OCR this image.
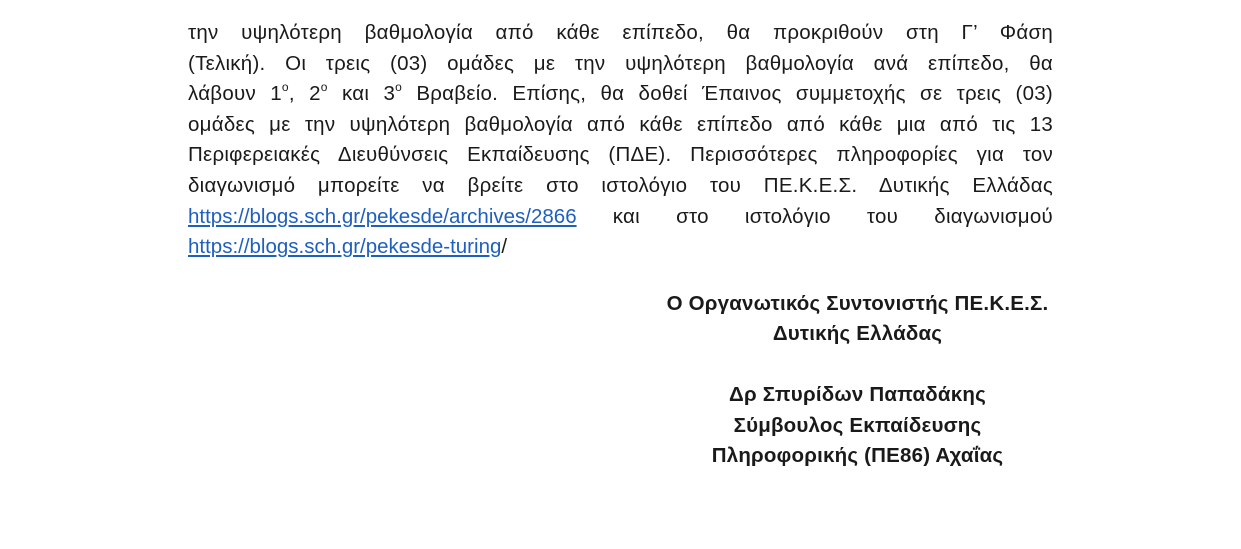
την υψηλότερη βαθμολογία από κάθε επίπεδο, θα προκριθούν στη Γ’ Φάση
(Τελική). Οι τρεις (03) ομάδες με την υψηλότερη βαθμολογία ανά επίπεδο, θα
λάβουν $1^o$, $2^o$ και $3^o$ Βραβείο. Επίσης, θα δοθεί Έπαινος συμμετοχής σε τρεις (03)
ομάδες με την υψηλότερη βαθμολογία από κάθε επίπεδο από κάθε μια από τις 13
Περιφερειακές Διευθύνσεις Εκπαίδευσης (ΠΔΕ). Περισσότερες πληροφορίες για τον
διαγωνισμό μπορείτε να βρείτε στο ιστολόγιο του ΠΕ.Κ.Ε.Σ. Δυτικής Ελλάδας
https://blogs.sch.gr/pekesde/archives/2866 και στο ιστολόγιο του διαγωνισμού
https://blogs.sch.gr/pekesde-turing/
Ο Οργανωτικός Συντονιστής ΠΕ.Κ.Ε.Σ.
Δυτικής Ελλάδας
Δρ Σπυρίδων Παπαδάκης
Σύμβουλος Εκπαίδευσης
Πληροφορικής (ΠΕ86) Αχαΐας
